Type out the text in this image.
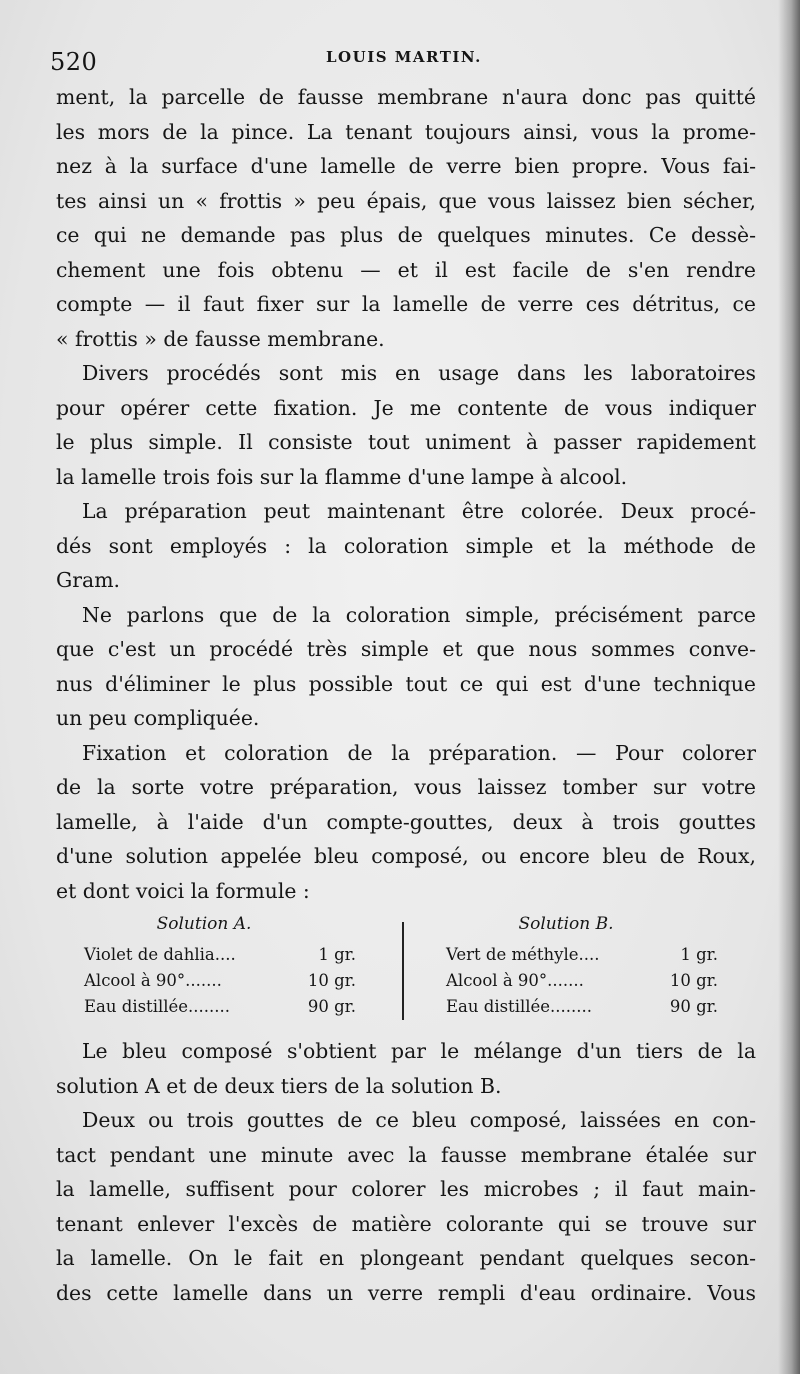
520	LOUIS MARTIN.
ment, la parcelle de fausse membrane n'aura donc pas quitté
les mors de la pince. La tenant toujours ainsi, vous la prome-
nez à la surface d'une lamelle de verre bien propre. Vous fai-
tes ainsi un « frottis » peu épais, que vous laissez bien sécher,
ce qui ne demande pas plus de quelques minutes. Ce dessè-
chement une fois obtenu — et il est facile de s'en rendre
compte — il faut fixer sur la lamelle de verre ces détritus, ce
« frottis » de fausse membrane.
Divers procédés sont mis en usage dans les laboratoires
pour opérer cette fixation. Je me contente de vous indiquer
le plus simple. Il consiste tout uniment à passer rapidement
la lamelle trois fois sur la flamme d'une lampe à alcool.
La préparation peut maintenant être colorée. Deux procé-
dés sont employés : la coloration simple et la méthode de
Gram.
Ne parlons que de la coloration simple, précisément parce
que c'est un procédé très simple et que nous sommes conve-
nus d'éliminer le plus possible tout ce qui est d'une technique
un peu compliquée.
Fixation et coloration de la préparation. — Pour colorer
de la sorte votre préparation, vous laissez tomber sur votre
lamelle, à l'aide d'un compte-gouttes, deux à trois gouttes
d'une solution appelée bleu composé, ou encore bleu de Roux,
et dont voici la formule :
Solution A.
Violet de dahlia....	1 gr.
Alcool à 90°.......	10 gr.
Eau distillée........	90 gr.
Solution B.
Vert de méthyle....	1 gr.
Alcool à 90°.......	10 gr.
Eau distillée........	90 gr.
Le bleu composé s'obtient par le mélange d'un tiers de la
solution A et de deux tiers de la solution B.
Deux ou trois gouttes de ce bleu composé, laissées en con-
tact pendant une minute avec la fausse membrane étalée sur
la lamelle, suffisent pour colorer les microbes ; il faut main-
tenant enlever l'excès de matière colorante qui se trouve sur
la lamelle. On le fait en plongeant pendant quelques secon-
des cette lamelle dans un verre rempli d'eau ordinaire. Vous
